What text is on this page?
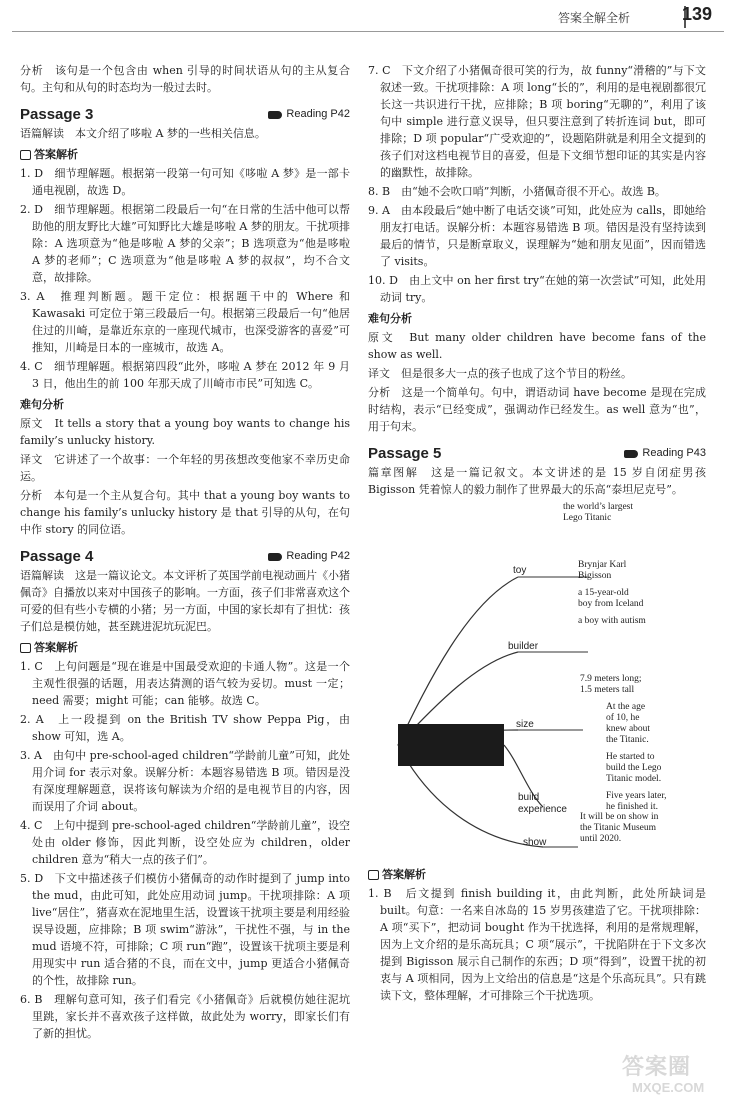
答案全解全析	139

分析　该句是一个包含由 when 引导的时间状语从句的主从复合句。主句和从句的时态均为一般过去时。

Passage 3	Reading P42

语篇解读　本文介绍了哆啦 A 梦的一些相关信息。

答案解析

1. D　细节理解题。根据第一段第一句可知《哆啦 A 梦》是一部卡通电视剧，故选 D。

2. D　细节理解题。根据第二段最后一句“在日常的生活中他可以帮助他的朋友野比大雄”可知野比大雄是哆啦 A 梦的朋友。干扰项排除：A 选项意为“他是哆啦 A 梦的父亲”；B 选项意为“他是哆啦 A 梦的老师”；C 选项意为“他是哆啦 A 梦的叔叔”，均不合文意，故排除。

3. A　推理判断题。题干定位：根据题干中的 Where 和 Kawasaki 可定位于第三段最后一句。根据第三段最后一句“他居住过的川崎，是靠近东京的一座现代城市，也深受游客的喜爱”可推知，川崎是日本的一座城市，故选 A。

4. C　细节理解题。根据第四段“此外，哆啦 A 梦在 2012 年 9 月 3 日，他出生的前 100 年那天成了川崎市市民”可知选 C。

难句分析

原文　It tells a story that a young boy wants to change his family’s unlucky history.

译文　它讲述了一个故事：一个年轻的男孩想改变他家不幸历史命运。

分析　本句是一个主从复合句。其中 that a young boy wants to change his family’s unlucky history 是 that 引导的从句，在句中作 story 的同位语。

Passage 4	Reading P42

语篇解读　这是一篇议论文。本文评析了英国学前电视动画片《小猪佩奇》自播放以来对中国孩子的影响。一方面，孩子们非常喜欢这个可爱的但有些小专横的小猪；另一方面，中国的家长却有了担忧：孩子们总是模仿她，甚至跳进泥坑玩泥巴。

答案解析

1. C　上句问题是“现在谁是中国最受欢迎的卡通人物”。这是一个主观性很强的话题，用表达猜测的语气较为妥切。must 一定；need 需要；might 可能；can 能够。故选 C。

2. A　上一段提到 on the British TV show Peppa Pig，由 show 可知，选 A。

3. A　由句中 pre-school-aged children“学龄前儿童”可知，此处用介词 for 表示对象。误解分析：本题容易错选 B 项。错因是没有深度理解题意，误将该句解读为介绍的是电视节目的内容，因而误用了介词 about。

4. C　上句中提到 pre-school-aged children“学龄前儿童”，设空处由 older 修饰，因此判断，设空处应为 children，older children 意为“稍大一点的孩子们”。

5. D　下文中描述孩子们模仿小猪佩奇的动作时提到了 jump into the mud，由此可知，此处应用动词 jump。干扰项排除：A 项 live“居住”，猪喜欢在泥地里生活，设置该干扰项主要是利用经验误导设题，应排除；B 项 swim“游泳”，干扰性不强，与 in the mud 语境不符，可排除；C 项 run“跑”，设置该干扰项主要是利用现实中 run 适合猪的不良，而在文中，jump 更适合小猪佩奇的个性，故排除 run。

6. B　理解句意可知，孩子们看完《小猪佩奇》后就模仿她往泥坑里跳，家长并不喜欢孩子这样做，故此处为 worry，即家长们有了新的担忧。

7. C　下文介绍了小猪佩奇很可笑的行为，故 funny“滑稽的”与下文叙述一致。干扰项排除：A 项 long“长的”，利用的是电视剧都很冗长这一共识进行干扰，应排除；B 项 boring“无聊的”，利用了该句中 simple 进行意义误导，但只要注意到了转折连词 but，即可排除；D 项 popular“广受欢迎的”，设题陷阱就是利用全文提到的孩子们对这档电视节目的喜爱，但是下文细节想印证的其实是内容的幽默性，故排除。

8. B　由“她不会吹口哨”判断，小猪佩奇很不开心。故选 B。

9. A　由本段最后“她中断了电话交谈”可知，此处应为 calls，即她给朋友打电话。误解分析：本题容易错选 B 项。错因是没有坚持读到最后的情节，只是断章取义，误理解为“她和朋友见面”，因而错选了 visits。

10. D　由上文中 on her first try“在她的第一次尝试”可知，此处用动词 try。

难句分析

原文　But many older children have become fans of the show as well.

译文　但是很多大一点的孩子也成了这个节目的粉丝。

分析　这是一个简单句。句中，谓语动词 have become 是现在完成时结构，表示“已经变成”，强调动作已经发生。as well 意为“也”，用于句末。

Passage 5	Reading P43

篇章图解　这是一篇记叙文。本文讲述的是 15 岁自闭症男孩 Bigisson 凭着惊人的毅力制作了世界最大的乐高“泰坦尼克号”。

toy
builder
size
build experience
show
the world’s largest
Lego Titanic
Brynjar Karl
Bigisson
a 15-year-old
boy from Iceland
a boy with autism
7.9 meters long;
1.5 meters tall
At the age
of 10, he
knew about
the Titanic.
He started to
build the Lego
Titanic model.
Five years later,
he finished it.
It will be on show in
the Titanic Museum
until 2020.
答案解析

1. B　后文提到 finish building it，由此判断，此处所缺词是 built。句意：一名来自冰岛的 15 岁男孩建造了它。干扰项排除：A 项“买下”，把动词 bought 作为干扰选择，利用的是常规理解，因为上文介绍的是乐高玩具；C 项“展示”，干扰陷阱在于下文多次提到 Bigisson 展示自己制作的东西；D 项“得到”，设置干扰的初衷与 A 项相同，因为上文给出的信息是“这是个乐高玩具”。只有跳读下文，整体理解，才可排除三个干扰选项。

答案圈
MXQE.COM
